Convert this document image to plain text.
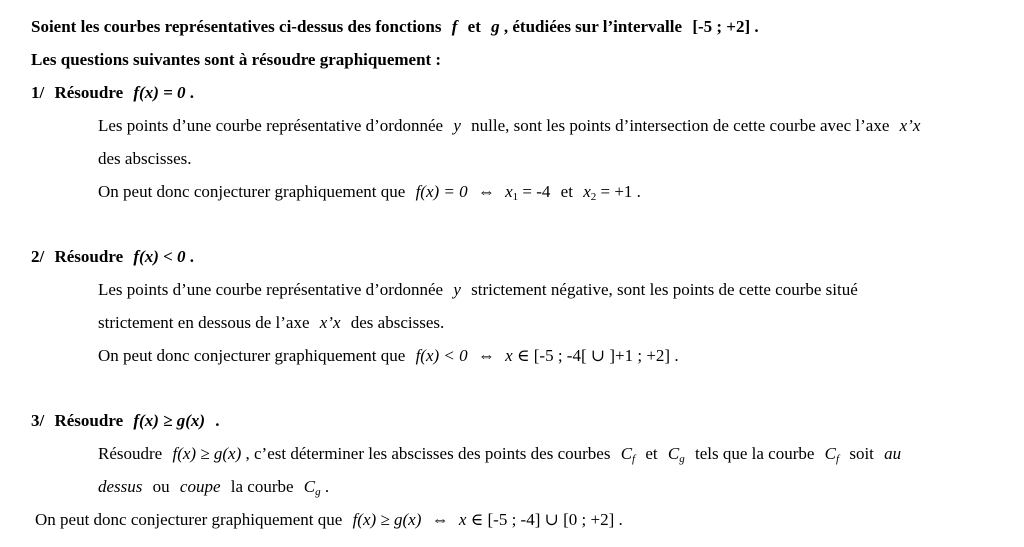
Soient les courbes représentatives ci-dessus des fonctions f et g , étudiées sur l’intervalle [-5 ; +2] .
Les questions suivantes sont à résoudre graphiquement :
1/ Résoudre f(x) = 0 .
Les points d’une courbe représentative d’ordonnée y nulle, sont les points d’intersection de cette courbe avec l’axe x’x
des abscisses.
On peut donc conjecturer graphiquement que f(x) = 0 ⇔ $x_1 = -4$ et $x_2 = +1$ .
2/ Résoudre f(x) < 0 .
Les points d’une courbe représentative d’ordonnée y strictement négative, sont les points de cette courbe situé
strictement en dessous de l’axe x’x des abscisses.
On peut donc conjecturer graphiquement que f(x) < 0 ⇔ x ∈ [-5 ; -4[ ∪ ]+1 ; +2] .
3/ Résoudre f(x) ≥ g(x) .
Résoudre f(x) ≥ g(x) , c’est déterminer les abscisses des points des courbes $C_f$ et $C_g$ tels que la courbe $C_f$ soit au
dessus ou coupe la courbe $C_g$ .
On peut donc conjecturer graphiquement que f(x) ≥ g(x) ⇔ x ∈ [-5 ; -4] ∪ [0 ; +2] .
